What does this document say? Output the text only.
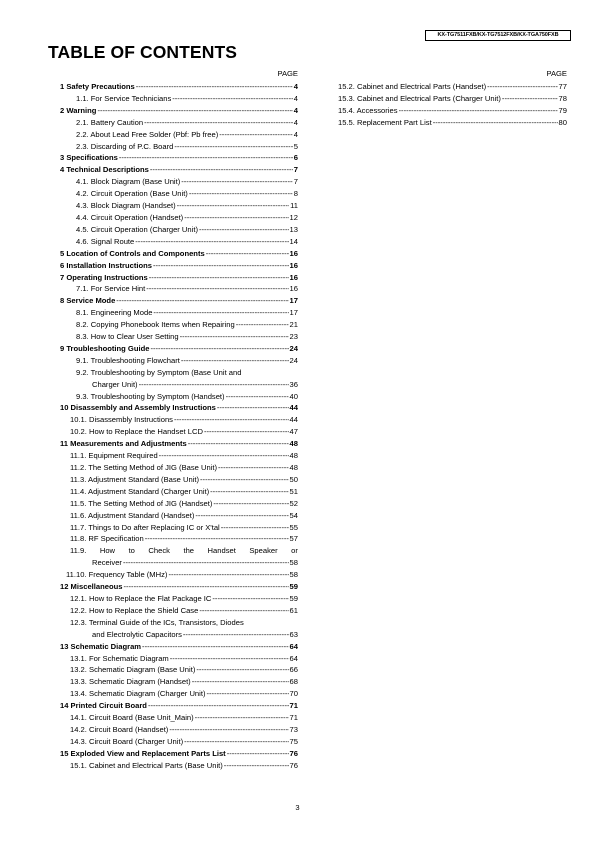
KX-TG7511FXB/KX-TG7512FXB/KX-TGA750FXB
TABLE OF CONTENTS
PAGE
1 Safety Precautions -----	4
1.1. For Service Technicians -----	4
2 Warning -----	4
2.1. Battery Caution -----	4
2.2. About Lead Free Solder (Pbf: Pb free) -----	4
2.3. Discarding of P.C. Board -----	5
3 Specifications -----	6
4 Technical Descriptions -----	7
4.1. Block Diagram (Base Unit) -----	7
4.2. Circuit Operation (Base Unit) -----	8
4.3. Block Diagram (Handset) -----	11
4.4. Circuit Operation (Handset) -----	12
4.5. Circuit Operation (Charger Unit) -----	13
4.6. Signal Route -----	14
5 Location of Controls and Components -----	16
6 Installation Instructions -----	16
7 Operating Instructions -----	16
7.1. For Service Hint -----	16
8 Service Mode -----	17
8.1. Engineering Mode -----	17
8.2. Copying Phonebook Items when Repairing -----	21
8.3. How to Clear User Setting -----	23
9 Troubleshooting Guide -----	24
9.1. Troubleshooting Flowchart -----	24
9.2. Troubleshooting by Symptom (Base Unit and
Charger Unit) -----	36
9.3. Troubleshooting by Symptom (Handset) -----	40
10 Disassembly and Assembly Instructions -----	44
10.1. Disassembly Instructions -----	44
10.2. How to Replace the Handset LCD -----	47
11 Measurements and Adjustments -----	48
11.1. Equipment Required -----	48
11.2. The Setting Method of JIG (Base Unit) -----	48
11.3. Adjustment Standard (Base Unit) -----	50
11.4. Adjustment Standard (Charger Unit) -----	51
11.5. The Setting Method of JIG (Handset) -----	52
11.6. Adjustment Standard (Handset) -----	54
11.7. Things to Do after Replacing IC or X'tal -----	55
11.8. RF Specification -----	57
11.9. How to Check the Handset Speaker or
Receiver -----	58
11.10. Frequency Table (MHz) -----	58
12 Miscellaneous -----	59
12.1. How to Replace the Flat Package IC -----	59
12.2. How to Replace the Shield Case -----	61
12.3. Terminal Guide of the ICs, Transistors, Diodes
and Electrolytic Capacitors -----	63
13 Schematic Diagram -----	64
13.1. For Schematic Diagram -----	64
13.2. Schematic Diagram (Base Unit) -----	66
13.3. Schematic Diagram (Handset) -----	68
13.4. Schematic Diagram (Charger Unit) -----	70
14 Printed Circuit Board -----	71
14.1. Circuit Board (Base Unit_Main) -----	71
14.2. Circuit Board (Handset) -----	73
14.3. Circuit Board (Charger Unit) -----	75
15 Exploded View and Replacement Parts List -----	76
15.1. Cabinet and Electrical Parts (Base Unit) -----	76
PAGE
15.2. Cabinet and Electrical Parts (Handset) -----	77
15.3. Cabinet and Electrical Parts (Charger Unit) -----	78
15.4. Accessories -----	79
15.5. Replacement Part List -----	80
3
